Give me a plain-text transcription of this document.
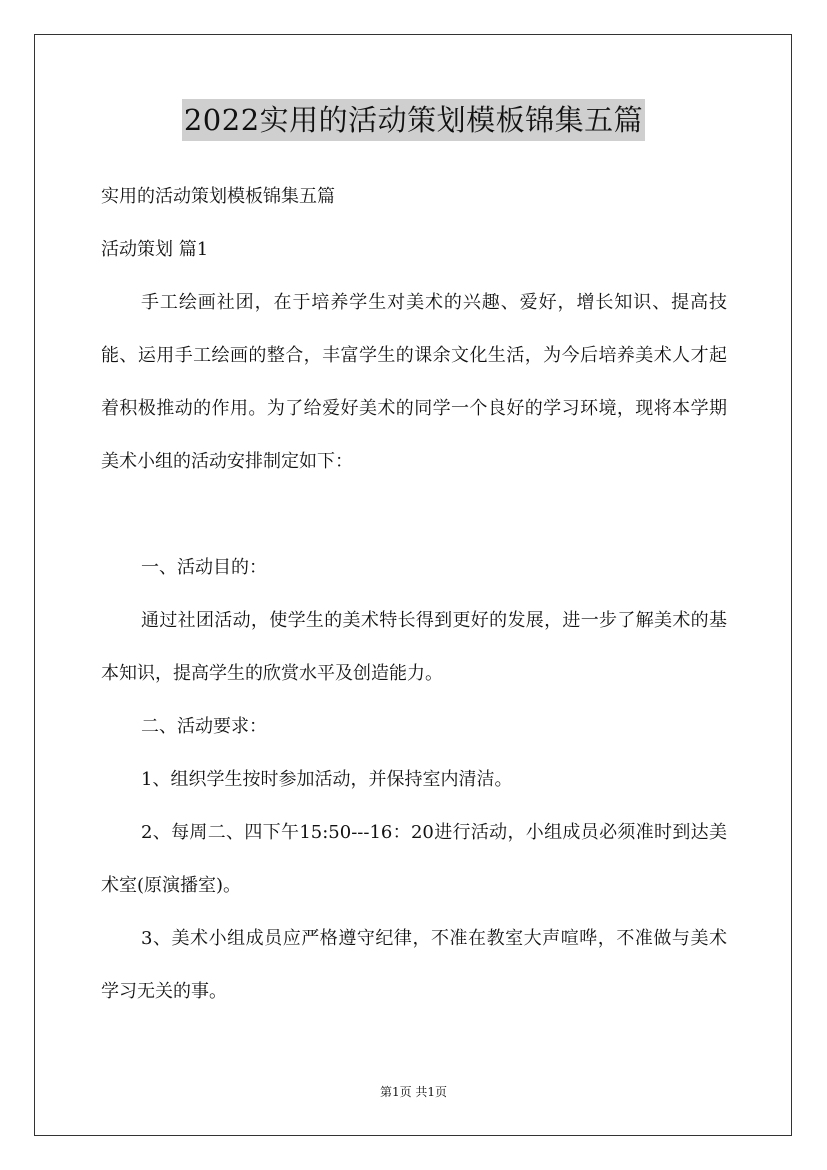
2022实用的活动策划模板锦集五篇
实用的活动策划模板锦集五篇
活动策划 篇1
手工绘画社团，在于培养学生对美术的兴趣、爱好，增长知识、提高技能、运用手工绘画的整合，丰富学生的课余文化生活，为今后培养美术人才起着积极推动的作用。为了给爱好美术的同学一个良好的学习环境，现将本学期美术小组的活动安排制定如下：
一、活动目的：
通过社团活动，使学生的美术特长得到更好的发展，进一步了解美术的基本知识，提高学生的欣赏水平及创造能力。
二、活动要求：
1、组织学生按时参加活动，并保持室内清洁。
2、每周二、四下午15:50---16：20进行活动，小组成员必须准时到达美术室(原演播室)。
3、美术小组成员应严格遵守纪律，不准在教室大声喧哗，不准做与美术学习无关的事。
第1页 共1页
